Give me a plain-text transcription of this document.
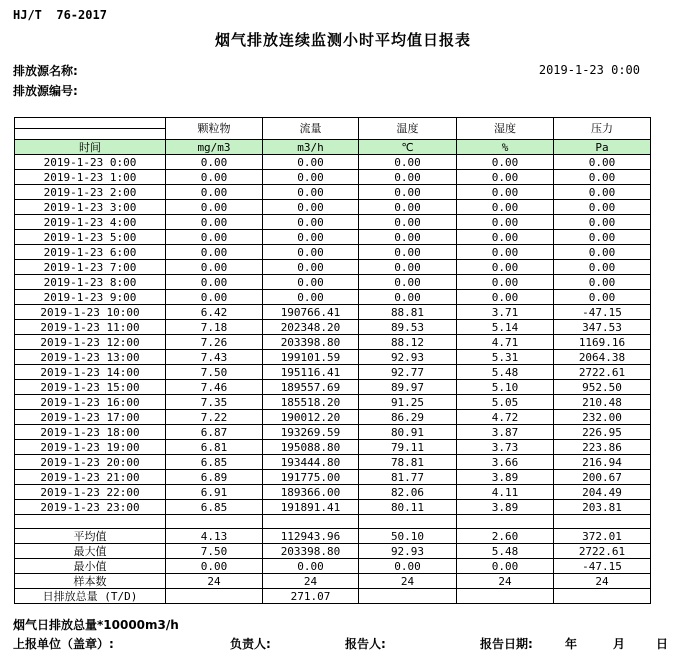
HJ/T  76-2017
烟气排放连续监测小时平均值日报表
排放源名称:
排放源编号:
2019-1-23 0:00
	颗粒物	流量	温度	湿度	压力

时间	mg/m3	m3/h	℃	%	Pa
2019-1-23 0:00	0.00	0.00	0.00	0.00	0.00
2019-1-23 1:00	0.00	0.00	0.00	0.00	0.00
2019-1-23 2:00	0.00	0.00	0.00	0.00	0.00
2019-1-23 3:00	0.00	0.00	0.00	0.00	0.00
2019-1-23 4:00	0.00	0.00	0.00	0.00	0.00
2019-1-23 5:00	0.00	0.00	0.00	0.00	0.00
2019-1-23 6:00	0.00	0.00	0.00	0.00	0.00
2019-1-23 7:00	0.00	0.00	0.00	0.00	0.00
2019-1-23 8:00	0.00	0.00	0.00	0.00	0.00
2019-1-23 9:00	0.00	0.00	0.00	0.00	0.00
2019-1-23 10:00	6.42	190766.41	88.81	3.71	-47.15
2019-1-23 11:00	7.18	202348.20	89.53	5.14	347.53
2019-1-23 12:00	7.26	203398.80	88.12	4.71	1169.16
2019-1-23 13:00	7.43	199101.59	92.93	5.31	2064.38
2019-1-23 14:00	7.50	195116.41	92.77	5.48	2722.61
2019-1-23 15:00	7.46	189557.69	89.97	5.10	952.50
2019-1-23 16:00	7.35	185518.20	91.25	5.05	210.48
2019-1-23 17:00	7.22	190012.20	86.29	4.72	232.00
2019-1-23 18:00	6.87	193269.59	80.91	3.87	226.95
2019-1-23 19:00	6.81	195088.80	79.11	3.73	223.86
2019-1-23 20:00	6.85	193444.80	78.81	3.66	216.94
2019-1-23 21:00	6.89	191775.00	81.77	3.89	200.67
2019-1-23 22:00	6.91	189366.00	82.06	4.11	204.49
2019-1-23 23:00	6.85	191891.41	80.11	3.89	203.81

平均值	4.13	112943.96	50.10	2.60	372.01
最大值	7.50	203398.80	92.93	5.48	2722.61
最小值	0.00	0.00	0.00	0.00	-47.15
样本数	24	24	24	24	24
日排放总量 (T/D)		271.07			
烟气日排放总量*10000m3/h
上报单位（盖章）:	负责人:	报告人:	报告日期:	年	月	日
